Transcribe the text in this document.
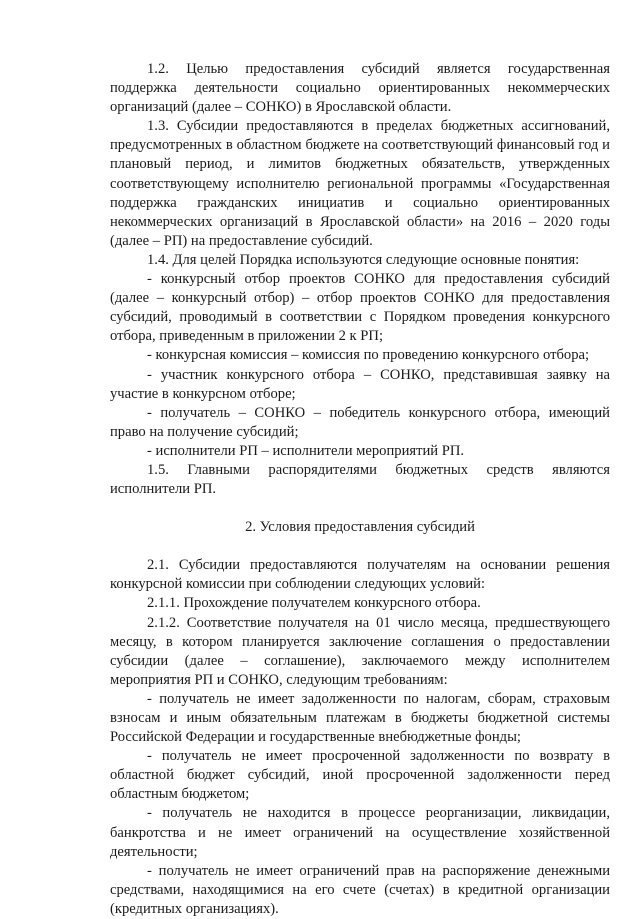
1.2. Целью предоставления субсидий является государственная поддержка деятельности социально ориентированных некоммерческих организаций (далее – СОНКО) в Ярославской области.

1.3. Субсидии предоставляются в пределах бюджетных ассигнований, предусмотренных в областном бюджете на соответствующий финансовый год и плановый период, и лимитов бюджетных обязательств, утвержденных соответствующему исполнителю региональной программы «Государственная поддержка гражданских инициатив и социально ориентированных некоммерческих организаций в Ярославской области» на 2016 – 2020 годы (далее – РП) на предоставление субсидий.

1.4. Для целей Порядка используются следующие основные понятия:

- конкурсный отбор проектов СОНКО для предоставления субсидий (далее – конкурсный отбор) – отбор проектов СОНКО для предоставления субсидий, проводимый в соответствии с Порядком проведения конкурсного отбора, приведенным в приложении 2 к РП;

- конкурсная комиссия – комиссия по проведению конкурсного отбора;

- участник конкурсного отбора – СОНКО, представившая заявку на участие в конкурсном отборе;

- получатель – СОНКО – победитель конкурсного отбора, имеющий право на получение субсидий;

- исполнители РП – исполнители мероприятий РП.

1.5. Главными распорядителями бюджетных средств являются исполнители РП.

2. Условия предоставления субсидий

2.1. Субсидии предоставляются получателям на основании решения конкурсной комиссии при соблюдении следующих условий:

2.1.1. Прохождение получателем конкурсного отбора.

2.1.2. Соответствие получателя на 01 число месяца, предшествующего месяцу, в котором планируется заключение соглашения о предоставлении субсидии (далее – соглашение), заключаемого между исполнителем мероприятия РП и СОНКО, следующим требованиям:

- получатель не имеет задолженности по налогам, сборам, страховым взносам и иным обязательным платежам в бюджеты бюджетной системы Российской Федерации и государственные внебюджетные фонды;

- получатель не имеет просроченной задолженности по возврату в областной бюджет субсидий, иной просроченной задолженности перед областным бюджетом;

- получатель не находится в процессе реорганизации, ликвидации, банкротства и не имеет ограничений на осуществление хозяйственной деятельности;

- получатель не имеет ограничений прав на распоряжение денежными средствами, находящимися на его счете (счетах) в кредитной организации (кредитных организациях).
